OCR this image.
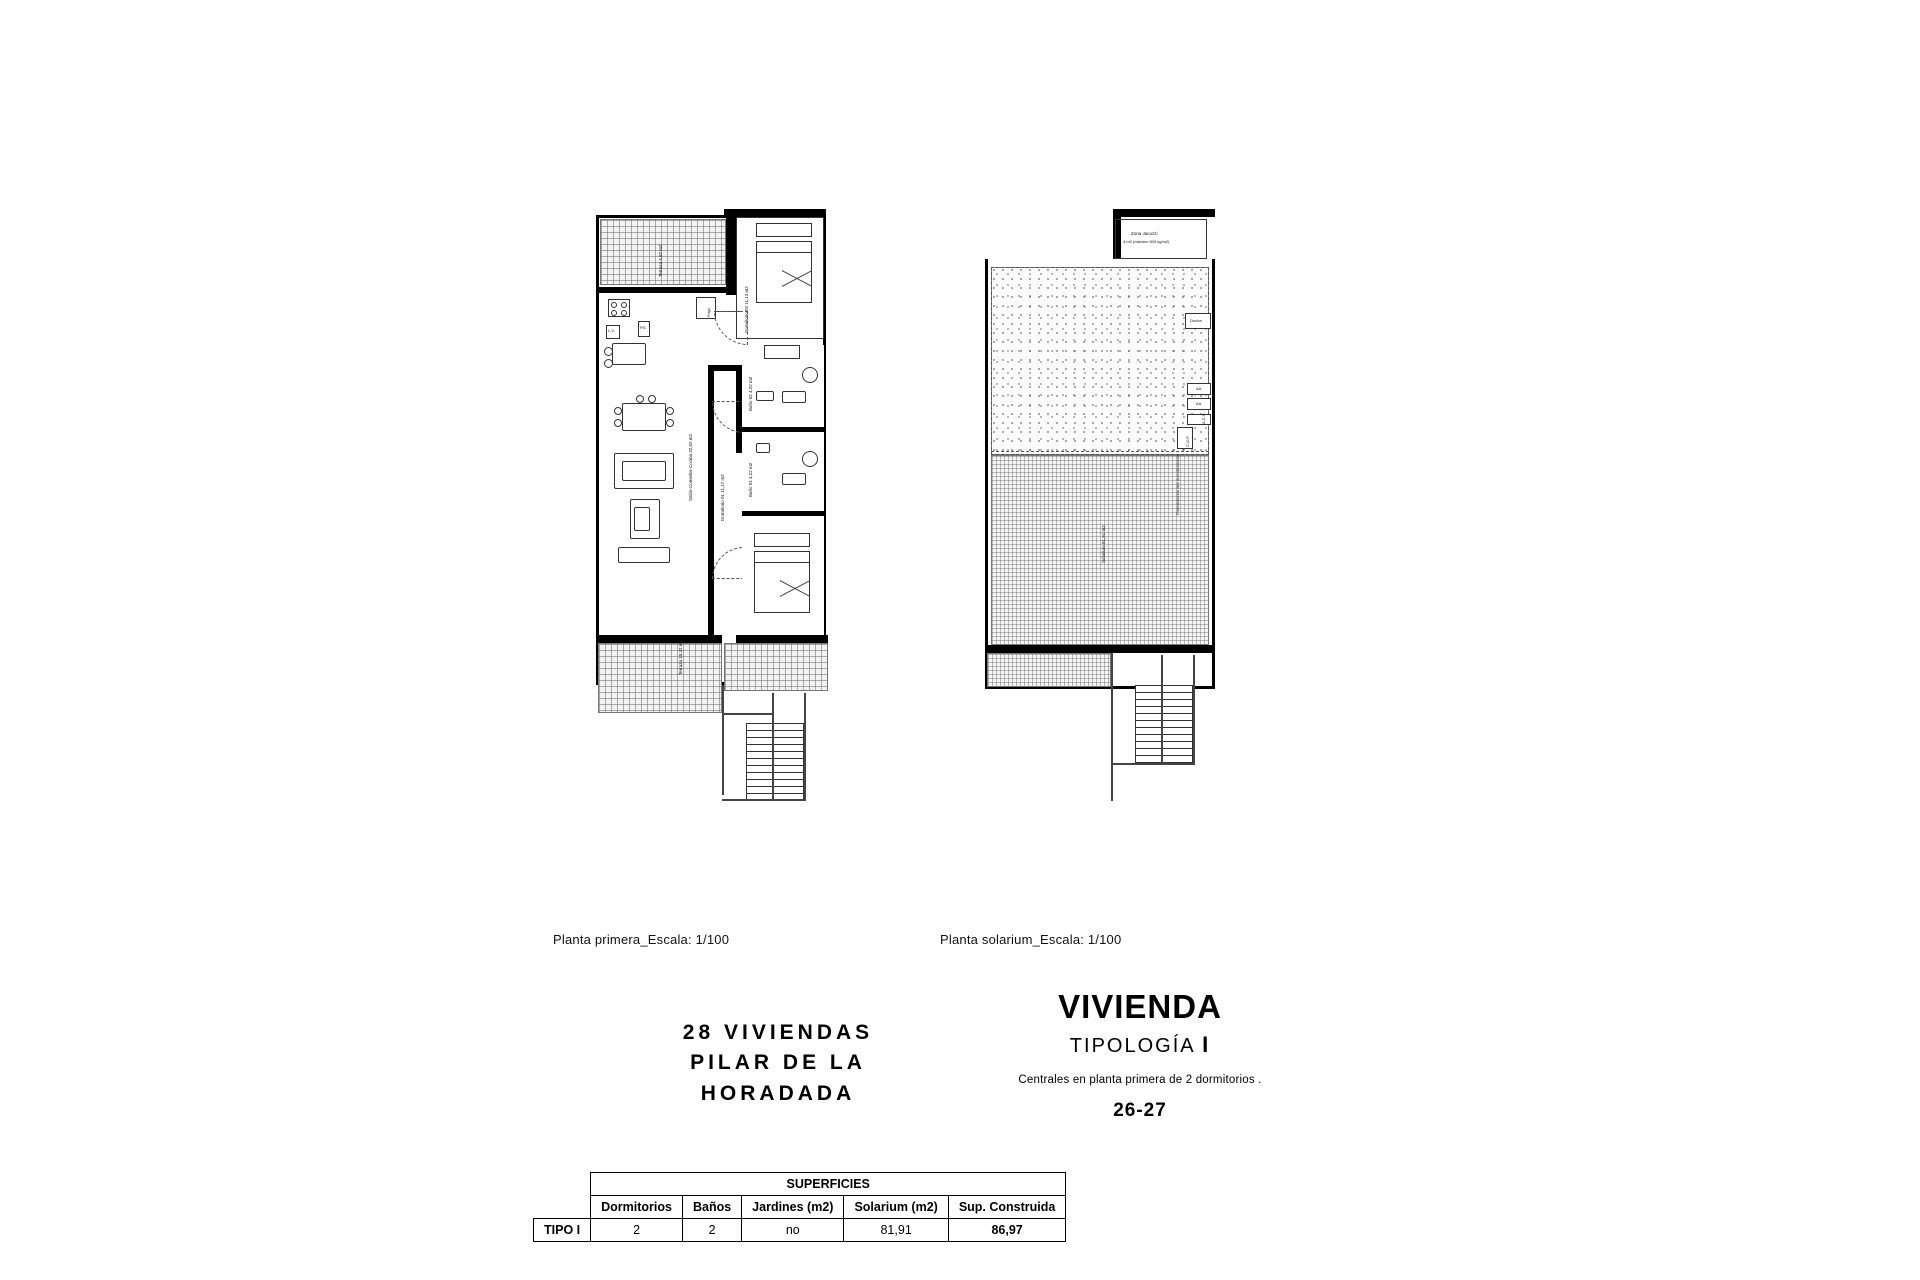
Terraza 4,92 m2
Dormitorio 02 11,13 m2
L.V.
P.E.
Frigo
Salón-Comedor-Cocina 32,62 m2
Baño 02 4,22 m2
Baño 01 4,22 m2
Dormitorio 01 11,17 m2
Terraza 10,32 m2
Planta primera_Escala: 1/100
Zona Jacuzzi
4 m2 (máximo 500 kg/m2)
Ducha
AA
AA
A.C.S.
C.G.P.
Solarium 81,91 m2
Preinstalación aire acondicionado
Planta solarium_Escala: 1/100
28 VIVIENDAS
PILAR DE LA
HORADADA
VIVIENDA
TIPOLOGÍA I
Centrales en planta primera de 2 dormitorios .
26-27
	SUPERFICIES				
	Dormitorios	Baños	Jardines (m2)	Solarium (m2)	Sup. Construida
TIPO I	2	2	no	81,91	86,97
